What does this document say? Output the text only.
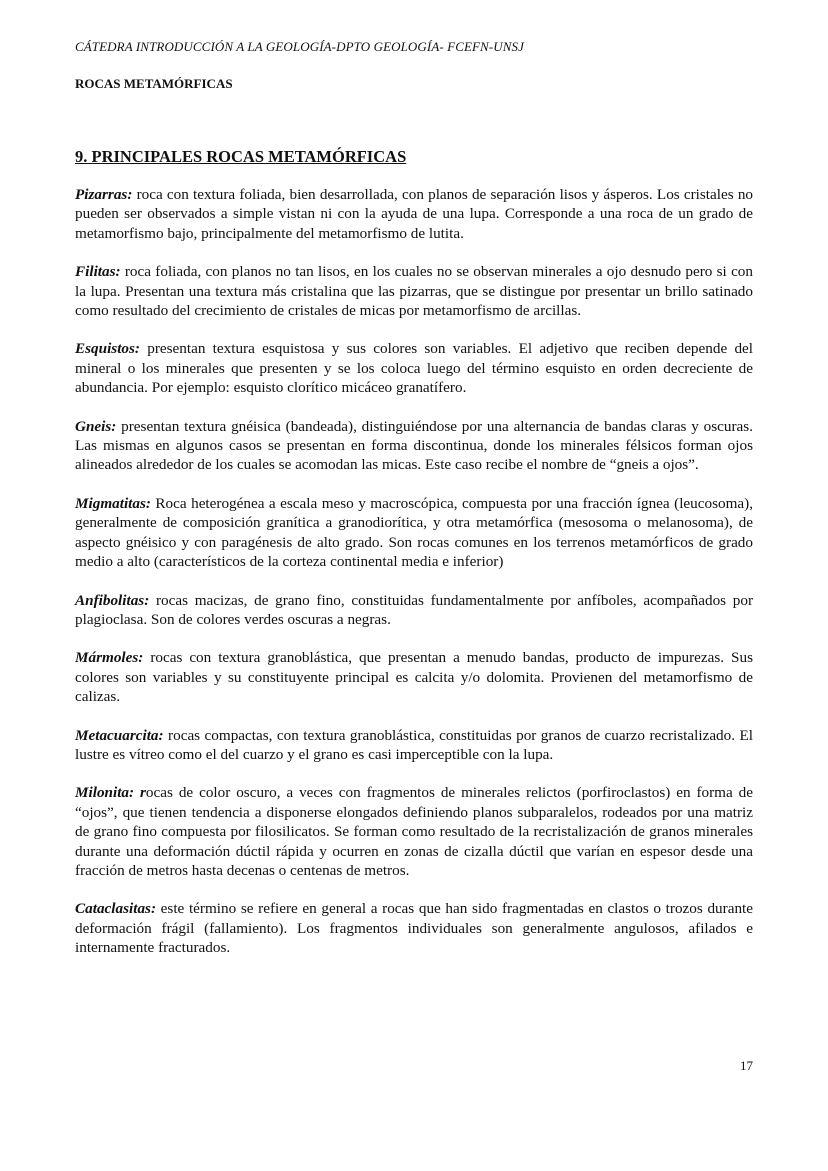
CÁTEDRA INTRODUCCIÓN A LA GEOLOGÍA-DPTO GEOLOGÍA- FCEFN-UNSJ
ROCAS METAMÓRFICAS
9. PRINCIPALES ROCAS METAMÓRFICAS

Pizarras: roca con textura foliada, bien desarrollada, con planos de separación lisos y ásperos. Los cristales no pueden ser observados a simple vistan ni con la ayuda de una lupa. Corresponde a una roca de un grado de metamorfismo bajo, principalmente del metamorfismo de lutita.

Filitas: roca foliada, con planos no tan lisos, en los cuales no se observan minerales a ojo desnudo pero si con la lupa. Presentan una textura más cristalina que las pizarras, que se distingue por presentar un brillo satinado como resultado del crecimiento de cristales de micas por metamorfismo de arcillas.

Esquistos: presentan textura esquistosa y sus colores son variables. El adjetivo que reciben depende del mineral o los minerales que presenten y se los coloca luego del término esquisto en orden decreciente de abundancia. Por ejemplo: esquisto clorítico micáceo granatífero.

Gneis: presentan textura gnéisica (bandeada), distinguiéndose por una alternancia de bandas claras y oscuras. Las mismas en algunos casos se presentan en forma discontinua, donde los minerales félsicos forman ojos alineados alrededor de los cuales se acomodan las micas. Este caso recibe el nombre de “gneis a ojos”.

Migmatitas: Roca heterogénea a escala meso y macroscópica, compuesta por una fracción ígnea (leucosoma), generalmente de composición granítica a granodiorítica, y otra metamórfica (mesosoma o melanosoma), de aspecto gnéisico y con paragénesis de alto grado. Son rocas comunes en los terrenos metamórficos de grado medio a alto (característicos de la corteza continental media e inferior)

Anfibolitas: rocas macizas, de grano fino, constituidas fundamentalmente por anfíboles, acompañados por plagioclasa. Son de colores verdes oscuras a negras.

Mármoles: rocas con textura granoblástica, que presentan a menudo bandas, producto de impurezas. Sus colores son variables y su constituyente principal es calcita y/o dolomita. Provienen del metamorfismo de calizas.

Metacuarcita: rocas compactas, con textura granoblástica, constituidas por granos de cuarzo recristalizado. El lustre es vítreo como el del cuarzo y el grano es casi imperceptible con la lupa.

Milonita: rocas de color oscuro, a veces con fragmentos de minerales relictos (porfiroclastos) en forma de “ojos”, que tienen tendencia a disponerse elongados definiendo planos subparalelos, rodeados por una matriz de grano fino compuesta por filosilicatos. Se forman como resultado de la recristalización de granos minerales durante una deformación dúctil rápida y ocurren en zonas de cizalla dúctil que varían en espesor desde una fracción de metros hasta decenas o centenas de metros.

Cataclasitas: este término se refiere en general a rocas que han sido fragmentadas en clastos o trozos durante deformación frágil (fallamiento). Los fragmentos individuales son generalmente angulosos, afilados e internamente fracturados.

17
